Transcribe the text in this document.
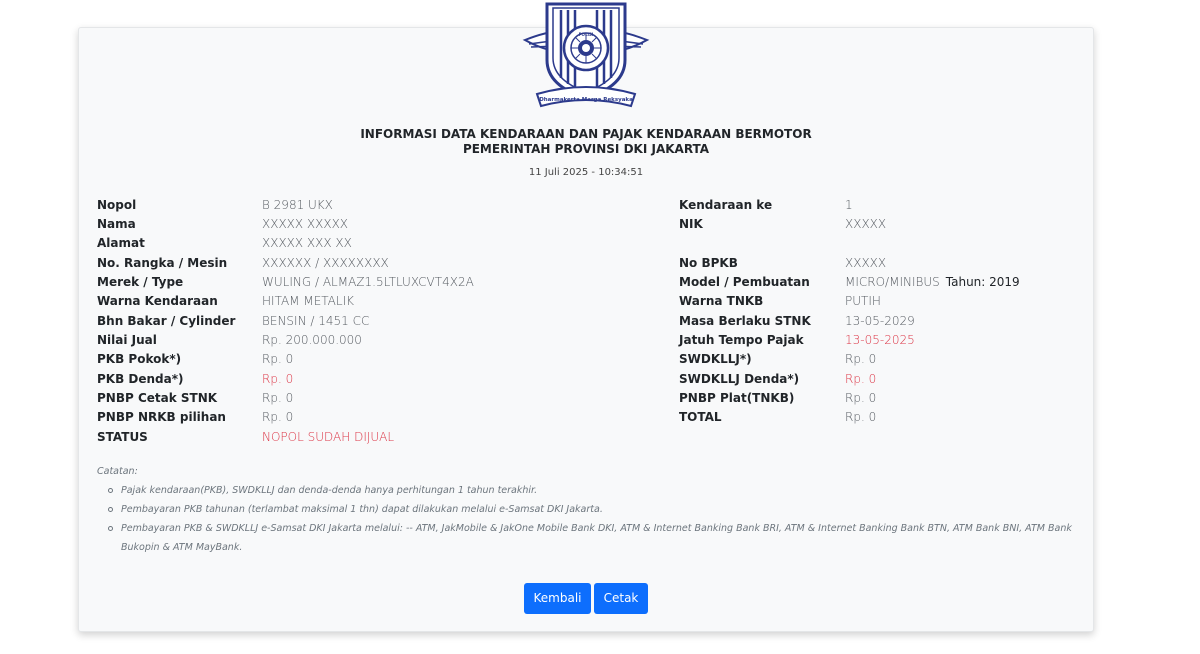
Dharmakerta Marga Reksyaka
POLISI
INFORMASI DATA KENDARAAN DAN PAJAK KENDARAAN BERMOTOR
PEMERINTAH PROVINSI DKI JAKARTA
11 Juli 2025 - 10:34:51
Nopol	B 2981 UKX
Nama	XXXXX XXXXX
Alamat	XXXXX XXX XX
No. Rangka / Mesin	XXXXXX / XXXXXXXX
Merek / Type	WULING / ALMAZ1.5LTLUXCVT4X2A
Warna Kendaraan	HITAM METALIK
Bhn Bakar / Cylinder BENSIN / 1451 CC
Nilai Jual	Rp. 200.000.000
PKB Pokok*)	Rp. 0
PKB Denda*)	Rp. 0
PNBP Cetak STNK	Rp. 0
PNBP NRKB pilihan	Rp. 0
STATUS	NOPOL SUDAH DIJUAL
Kendaraan ke	1
NIK	XXXXX
No BPKB	XXXXX
Model / Pembuatan	MICRO/MINIBUS Tahun: 2019
Warna TNKB	PUTIH
Masa Berlaku STNK	13-05-2029
Jatuh Tempo Pajak	13-05-2025
SWDKLLJ*)	Rp. 0
SWDKLLJ Denda*)	Rp. 0
PNBP Plat(TNKB)	Rp. 0
TOTAL	Rp. 0
Catatan:
Pajak kendaraan(PKB), SWDKLLJ dan denda-denda hanya perhitungan 1 tahun terakhir.
Pembayaran PKB tahunan (terlambat maksimal 1 thn) dapat dilakukan melalui e-Samsat DKI Jakarta.
Pembayaran PKB & SWDKLLJ e-Samsat DKI Jakarta melalui: -- ATM, JakMobile & JakOne Mobile Bank DKI, ATM & Internet Banking Bank BRI, ATM & Internet Banking Bank BTN, ATM Bank BNI, ATM Bank Bukopin & ATM MayBank.
Kembali	Cetak
